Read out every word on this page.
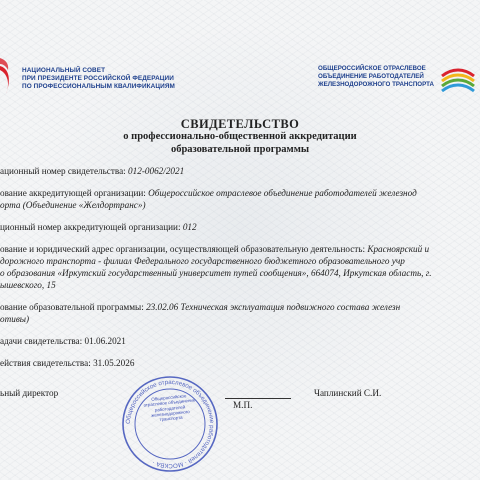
НАЦИОНАЛЬНЫЙ СОВЕТ
ПРИ ПРЕЗИДЕНТЕ РОССИЙСКОЙ ФЕДЕРАЦИИ
ПО ПРОФЕССИОНАЛЬНЫМ КВАЛИФИКАЦИЯМ
ОБЩЕРОССИЙСКОЕ ОТРАСЛЕВОЕ
ОБЪЕДИНЕНИЕ РАБОТОДАТЕЛЕЙ
ЖЕЛЕЗНОДОРОЖНОГО ТРАНСПОРТА
СВИДЕТЕЛЬСТВО
о профессионально-общественной аккредитации
образовательной программы
ационный номер свидетельства: 012-0062/2021
ование аккредитующей организации: Общероссийское отраслевое объединение работодателей железнод
орта (Объединение «Желдортранс»)
ционный номер аккредитующей организации: 012
ование и юридический адрес организации, осуществляющей образовательную деятельность: Красноярский и
дорожного транспорта - филиал Федерального государственного бюджетного образовательного учр
о образования «Иркутский государственный университет путей сообщения», 664074, Иркутская область, г.
ышевского, 15
ование образовательной программы: 23.02.06 Техническая эксплуатация подвижного состава железн
отивы)
адачи свидетельства: 01.06.2021
ействия свидетельства: 31.05.2026
Общероссийское отраслевое объединение работодателей · МОСКВА ·
Общероссийское отраслевое объединение работодателей железнодорожного транспорта
ьный директор
М.П.
Чаплинский С.И.
